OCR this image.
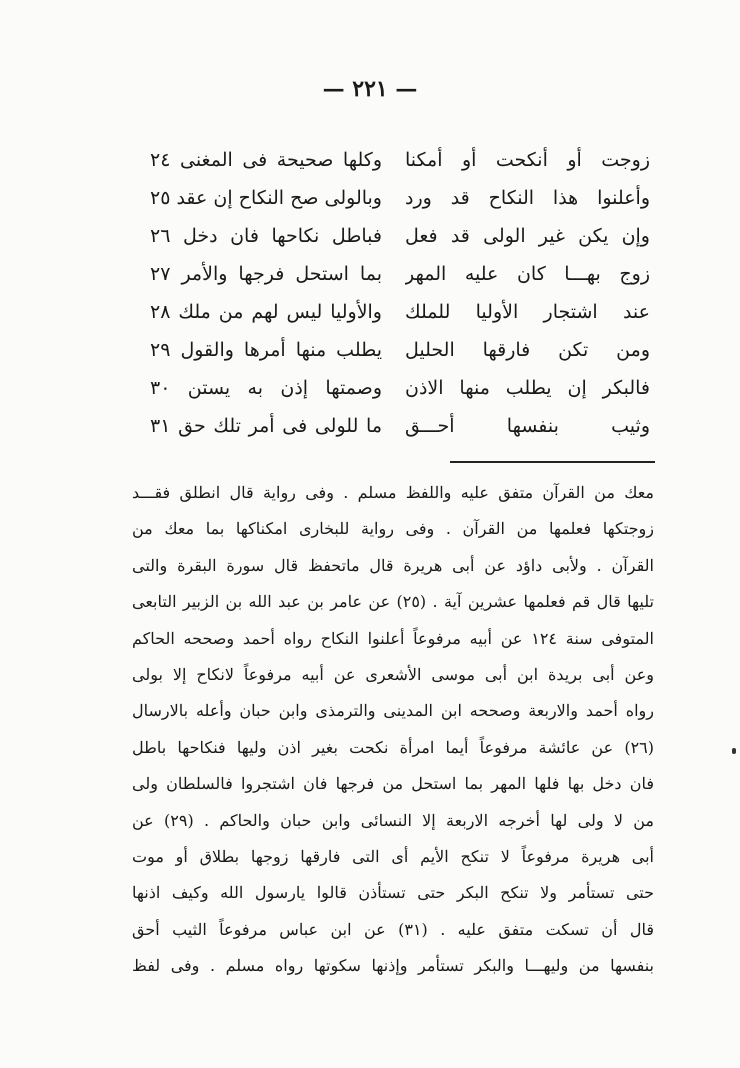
— ٢٢١ —
زوجت أو أنكحت أو أمكنا
وكلها صحيحة فى المغنى ٢٤
وأعلنوا هذا النكاح قد ورد
وبالولى صح النكاح إن عقد ٢٥
وإن يكن غير الولى قد فعل
فباطل نكاحها فان دخل ٢٦
زوج بهـــا كان عليه المهر
بما استحل فرجها والأمر ٢٧
عند اشتجار الأوليا للملك
والأوليا ليس لهم من ملك ٢٨
ومن تكن فارقها الحليل
يطلب منها أمرها والقول ٢٩
فالبكر إن يطلب منها الاذن
وصمتها إذن به يستن ٣٠
وثيب بنفسها أحـــق
ما للولى فى أمر تلك حق ٣١
معك من القرآن متفق عليه واللفظ مسلم . وفى رواية قال انطلق فقـــد
زوجتكها فعلمها من القرآن . وفى رواية للبخارى امكناكها بما معك من
القرآن . ولأبى داؤد عن أبى هريرة قال ماتحفظ قال سورة البقرة والتى
تليها قال قم فعلمها عشرين آية . (٢٥) عن عامر بن عبد الله بن الزبير التابعى
المتوفى سنة ١٢٤ عن أبيه مرفوعاً أعلنوا النكاح رواه أحمد وصححه الحاكم
وعن أبى بريدة ابن أبى موسى الأشعرى عن أبيه مرفوعاً لانكاح إلا بولى
رواه أحمد والاربعة وصححه ابن المدينى والترمذى وابن حبان وأعله بالارسال
(٢٦) عن عائشة مرفوعاً أيما امرأة نكحت بغير اذن وليها فنكاحها باطل
فان دخل بها فلها المهر بما استحل من فرجها فان اشتجروا فالسلطان ولى
من لا ولى لها أخرجه الاربعة إلا النسائى وابن حبان والحاكم . (٢٩) عن
أبى هريرة مرفوعاً لا تنكح الأيم أى التى فارقها زوجها بطلاق أو موت
حتى تستأمر ولا تنكح البكر حتى تستأذن قالوا يارسول الله وكيف اذنها
قال أن تسكت متفق عليه . (٣١) عن ابن عباس مرفوعاً الثيب أحق
بنفسها من وليهـــا والبكر تستأمر وإذنها سكوتها رواه مسلم . وفى لفظ
